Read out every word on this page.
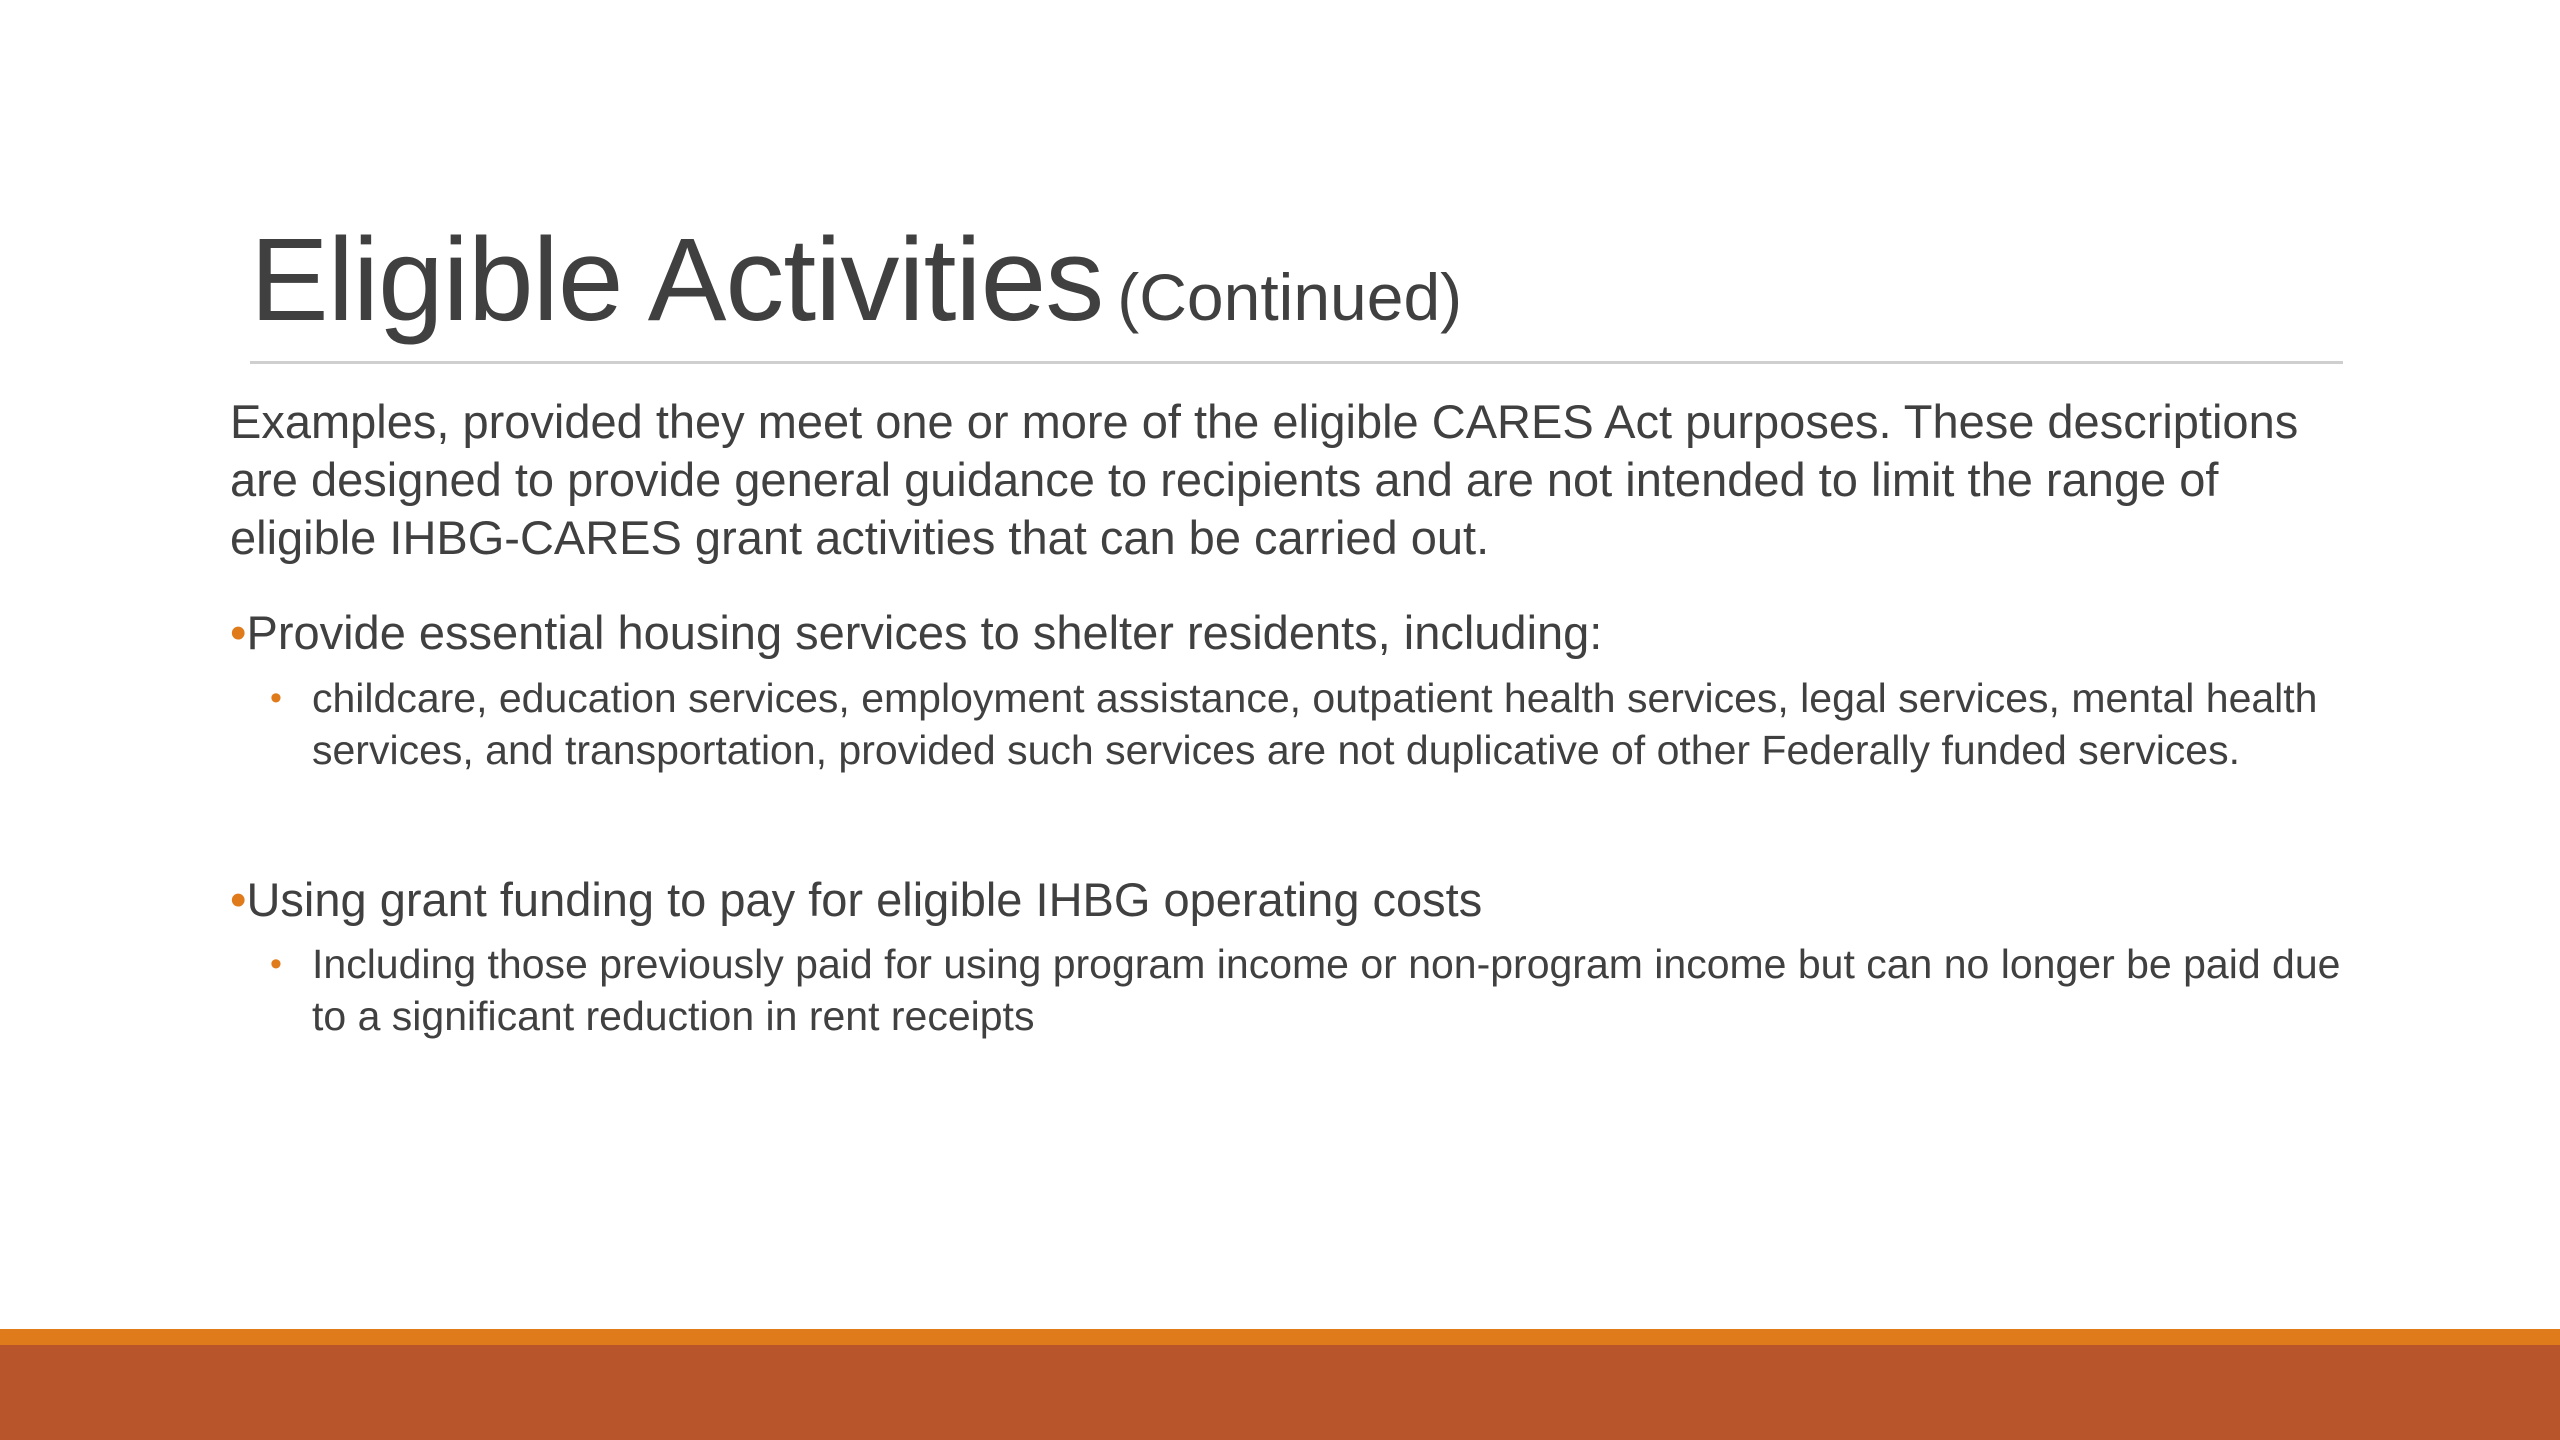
Eligible Activities (Continued)

Examples, provided they meet one or more of the eligible CARES Act purposes. These descriptions are designed to provide general guidance to recipients and are not intended to limit the range of eligible IHBG-CARES grant activities that can be carried out.

•Provide essential housing services to shelter residents, including:

• childcare, education services, employment assistance, outpatient health services, legal services, mental health services, and transportation, provided such services are not duplicative of other Federally funded services.

•Using grant funding to pay for eligible IHBG operating costs

• Including those previously paid for using program income or non-program income but can no longer be paid due to a significant reduction in rent receipts
